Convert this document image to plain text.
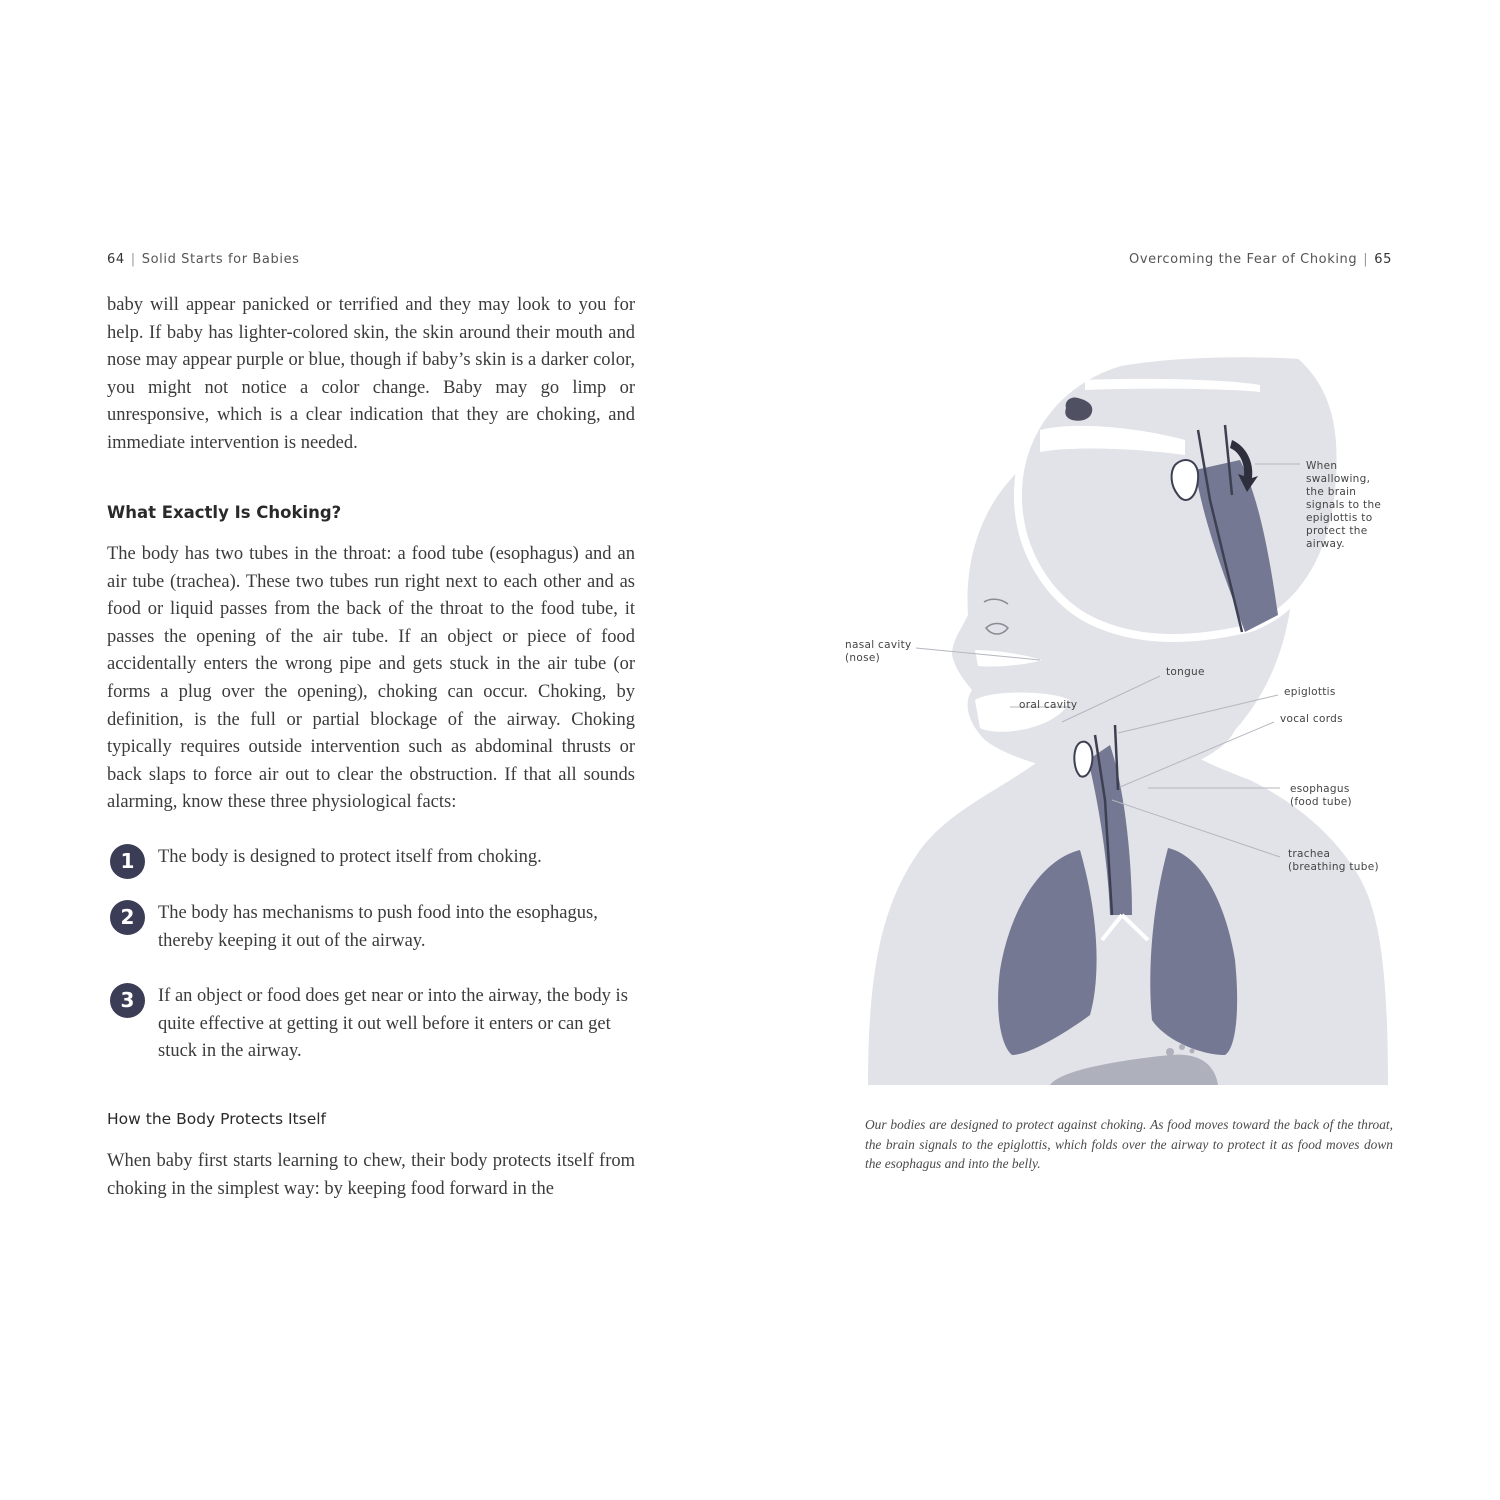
64 | Solid Starts for Babies	Overcoming the Fear of Choking | 65

baby will appear panicked or terrified and they may look to you for help. If baby has lighter-colored skin, the skin around their mouth and nose may appear purple or blue, though if baby’s skin is a darker color, you might not notice a color change. Baby may go limp or unresponsive, which is a clear indication that they are choking, and immediate intervention is needed.

What Exactly Is Choking?

The body has two tubes in the throat: a food tube (esophagus) and an air tube (trachea). These two tubes run right next to each other and as food or liquid passes from the back of the throat to the food tube, it passes the opening of the air tube. If an object or piece of food accidentally enters the wrong pipe and gets stuck in the air tube (or forms a plug over the opening), choking can occur. Choking, by definition, is the full or partial blockage of the airway. Choking typically requires outside intervention such as abdominal thrusts or back slaps to force air out to clear the obstruction. If that all sounds alarming, know these three physiological facts:

1	The body is designed to protect itself from choking.
2	The body has mechanisms to push food into the esophagus, thereby keeping it out of the airway.
3	If an object or food does get near or into the airway, the body is quite effective at getting it out well before it enters or can get stuck in the airway.
How the Body Protects Itself

When baby first starts learning to chew, their body protects itself from choking in the simplest way: by keeping food forward in the

When
swallowing,
the brain
signals to the
epiglottis to
protect the
airway.
nasal cavity
(nose)
tongue
oral cavity
epiglottis
vocal cords
esophagus
(food tube)
trachea
(breathing tube)
Our bodies are designed to protect against choking. As food moves toward the back of the throat, the brain signals to the epiglottis, which folds over the airway to protect it as food moves down the esophagus and into the belly.
